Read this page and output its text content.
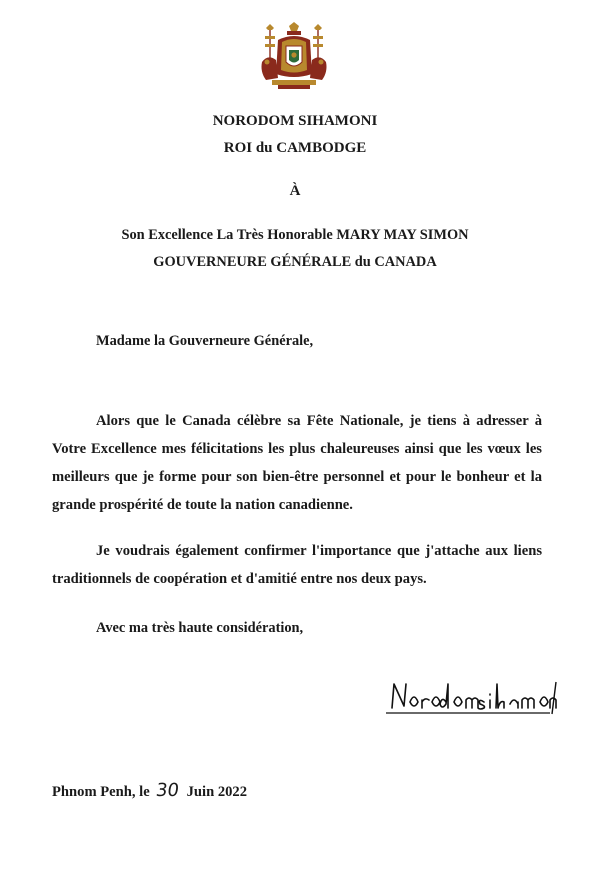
NORODOM SIHAMONI
ROI du CAMBODGE
À
Son Excellence La Très Honorable MARY MAY SIMON
GOUVERNEURE GÉNÉRALE du CANADA
Madame la Gouverneure Générale,
Alors que le Canada célèbre sa Fête Nationale, je tiens à adresser à Votre Excellence mes félicitations les plus chaleureuses ainsi que les vœux les meilleurs que je forme pour son bien-être personnel et pour le bonheur et la grande prospérité de toute la nation canadienne.
Je voudrais également confirmer l'importance que j'attache aux liens traditionnels de coopération et d'amitié entre nos deux pays.
Avec ma très haute considération,
Phnom Penh, le 30 Juin 2022
